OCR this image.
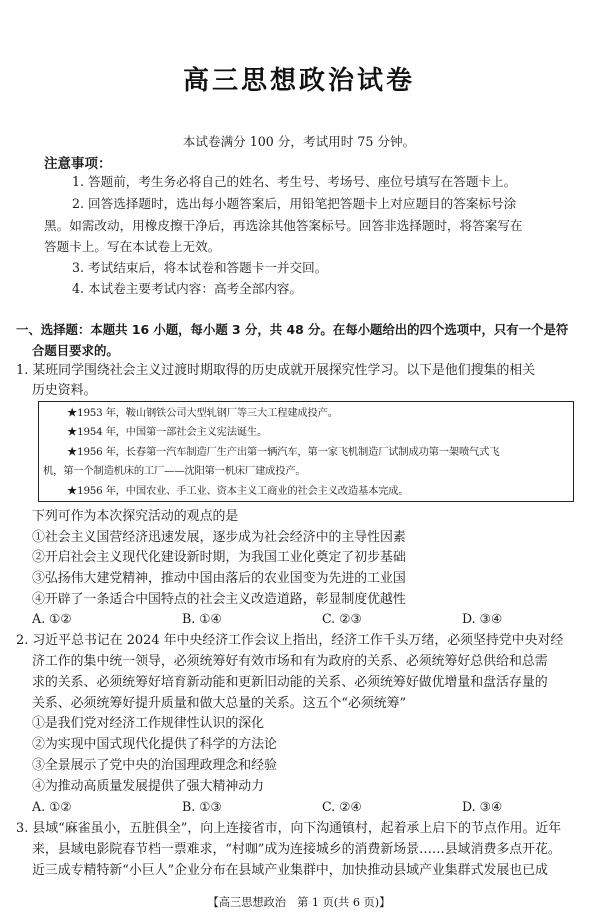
高三思想政治试卷
本试卷满分 100 分，考试用时 75 分钟。
注意事项：
1. 答题前，考生务必将自己的姓名、考生号、考场号、座位号填写在答题卡上。
2. 回答选择题时，选出每小题答案后，用铅笔把答题卡上对应题目的答案标号涂
黑。如需改动，用橡皮擦干净后，再选涂其他答案标号。回答非选择题时，将答案写在
答题卡上。写在本试卷上无效。
3. 考试结束后，将本试卷和答题卡一并交回。
4. 本试卷主要考试内容：高考全部内容。
一、选择题：本题共 16 小题，每小题 3 分，共 48 分。在每小题给出的四个选项中，只有一个是符
合题目要求的。
1. 某班同学围绕社会主义过渡时期取得的历史成就开展探究性学习。以下是他们搜集的相关
历史资料。
★1953 年，鞍山钢铁公司大型轧钢厂等三大工程建成投产。
★1954 年，中国第一部社会主义宪法诞生。
★1956 年，长春第一汽车制造厂生产出第一辆汽车，第一家飞机制造厂试制成功第一架喷气式飞
机，第一个制造机床的工厂——沈阳第一机床厂建成投产。
★1956 年，中国农业、手工业、资本主义工商业的社会主义改造基本完成。
下列可作为本次探究活动的观点的是
①社会主义国营经济迅速发展，逐步成为社会经济中的主导性因素
②开启社会主义现代化建设新时期，为我国工业化奠定了初步基础
③弘扬伟大建党精神，推动中国由落后的农业国变为先进的工业国
④开辟了一条适合中国特点的社会主义改造道路，彰显制度优越性
A. ①②	B. ①④	C. ②③	D. ③④
2. 习近平总书记在 2024 年中央经济工作会议上指出，经济工作千头万绪，必须坚持党中央对经
济工作的集中统一领导，必须统筹好有效市场和有为政府的关系、必须统筹好总供给和总需
求的关系、必须统筹好培育新动能和更新旧动能的关系、必须统筹好做优增量和盘活存量的
关系、必须统筹好提升质量和做大总量的关系。这五个“必须统筹”
①是我们党对经济工作规律性认识的深化
②为实现中国式现代化提供了科学的方法论
③全景展示了党中央的治国理政理念和经验
④为推动高质量发展提供了强大精神动力
A. ①②	B. ①③	C. ②④	D. ③④
3. 县域“麻雀虽小，五脏俱全”，向上连接省市，向下沟通镇村，起着承上启下的节点作用。近年
来，县域电影院春节档一票难求，“村咖”成为连接城乡的消费新场景……县域消费多点开花。
近三成专精特新“小巨人”企业分布在县域产业集群中，加快推动县域产业集群式发展也已成
【高三思想政治　第 1 页(共 6 页)】
